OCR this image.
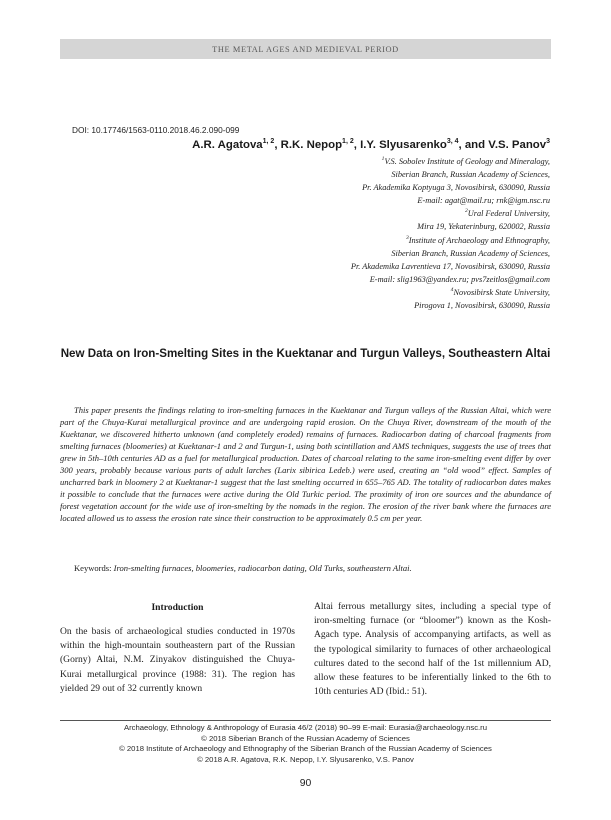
THE METAL AGES AND MEDIEVAL PERIOD
DOI: 10.17746/1563-0110.2018.46.2.090-099
A.R. Agatova$^{1, 2}$, R.K. Nepop$^{1, 2}$, I.Y. Slyusarenko$^{3, 4}$, and V.S. Panov$^3$
$^1$V.S. Sobolev Institute of Geology and Mineralogy,
Siberian Branch, Russian Academy of Sciences,
Pr. Akademika Koptyuga 3, Novosibirsk, 630090, Russia
E-mail: agat@mail.ru; rnk@igm.nsc.ru
$^2$Ural Federal University,
Mira 19, Yekaterinburg, 620002, Russia
$^3$Institute of Archaeology and Ethnography,
Siberian Branch, Russian Academy of Sciences,
Pr. Akademika Lavrentieva 17, Novosibirsk, 630090, Russia
E-mail: slig1963@yandex.ru; pvs7zeitlos@gmail.com
$^4$Novosibirsk State University,
Pirogova 1, Novosibirsk, 630090, Russia
New Data on Iron-Smelting Sites in the Kuektanar and Turgun Valleys, Southeastern Altai

This paper presents the findings relating to iron-smelting furnaces in the Kuektanar and Turgun valleys of the Russian Altai, which were part of the Chuya-Kurai metallurgical province and are undergoing rapid erosion. On the Chuya River, downstream of the mouth of the Kuektanar, we discovered hitherto unknown (and completely eroded) remains of furnaces. Radiocarbon dating of charcoal fragments from smelting furnaces (bloomeries) at Kuektanar-1 and 2 and Turgun-1, using both scintillation and AMS techniques, suggests the use of trees that grew in 5th–10th centuries AD as a fuel for metallurgical production. Dates of charcoal relating to the same iron-smelting event differ by over 300 years, probably because various parts of adult larches (Larix sibirica Ledeb.) were used, creating an “old wood” effect. Samples of uncharred bark in bloomery 2 at Kuektanar-1 suggest that the last smelting occurred in 655–765 AD. The totality of radiocarbon dates makes it possible to conclude that the furnaces were active during the Old Turkic period. The proximity of iron ore sources and the abundance of forest vegetation account for the wide use of iron-smelting by the nomads in the region. The erosion of the river bank where the furnaces are located allowed us to assess the erosion rate since their construction to be approximately 0.5 cm per year.

Keywords: Iron-smelting furnaces, bloomeries, radiocarbon dating, Old Turks, southeastern Altai.
Introduction

On the basis of archaeological studies conducted in 1970s within the high-mountain southeastern part of the Russian (Gorny) Altai, N.M. Zinyakov distinguished the Chuya-Kurai metallurgical province (1988: 31). The region has yielded 29 out of 32 currently known

Altai ferrous metallurgy sites, including a special type of iron-smelting furnace (or “bloomer”) known as the Kosh-Agach type. Analysis of accompanying artifacts, as well as the typological similarity to furnaces of other archaeological cultures dated to the second half of the 1st millennium AD, allow these features to be inferentially linked to the 6th to 10th centuries AD (Ibid.: 51).

Archaeology, Ethnology & Anthropology of Eurasia 46/2 (2018) 90–99 E-mail: Eurasia@archaeology.nsc.ru
© 2018 Siberian Branch of the Russian Academy of Sciences
© 2018 Institute of Archaeology and Ethnography of the Siberian Branch of the Russian Academy of Sciences
© 2018 A.R. Agatova, R.K. Nepop, I.Y. Slyusarenko, V.S. Panov
90
